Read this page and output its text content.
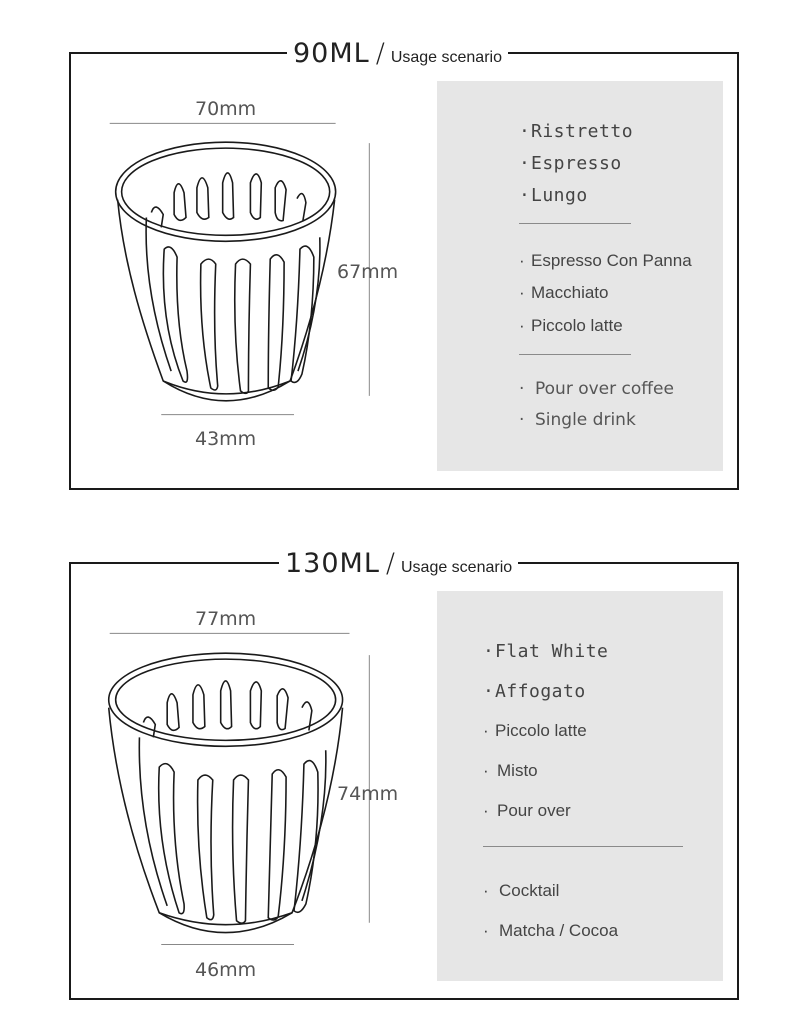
90ML / Usage scenario
70mm
67mm
43mm
·Ristretto
·Espresso
·Lungo
· Espresso Con Panna
· Macchiato
· Piccolo latte
· Pour over coffee
· Single drink
130ML / Usage scenario
77mm
74mm
46mm
·Flat White
·Affogato
· Piccolo latte
· Misto
· Pour over
· Cocktail
· Matcha / Cocoa
